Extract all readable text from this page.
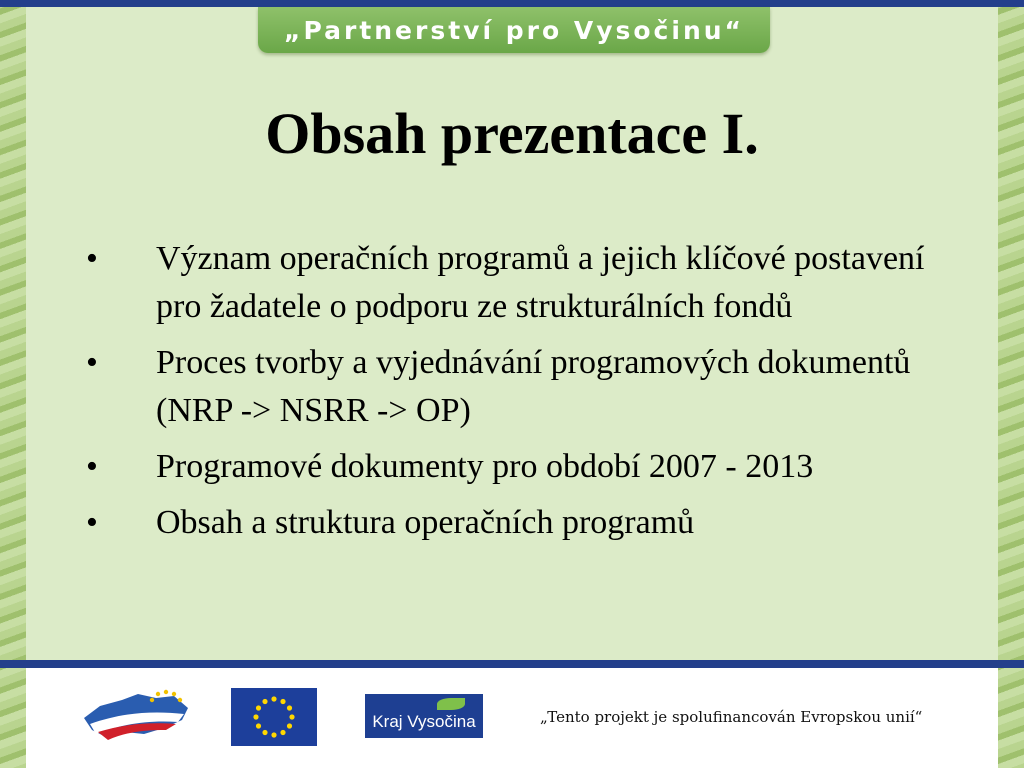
„Partnerství pro Vysočinu“
Obsah prezentace I.
• Význam operačních programů a jejich klíčové postavení pro žadatele o podporu ze strukturálních fondů
• Proces tvorby a vyjednávání programových dokumentů (NRP -> NSRR -> OP)
• Programové dokumenty pro období 2007 - 2013
• Obsah a struktura operačních programů
Kraj Vysočina	„Tento projekt je spolufinancován Evropskou unií“
